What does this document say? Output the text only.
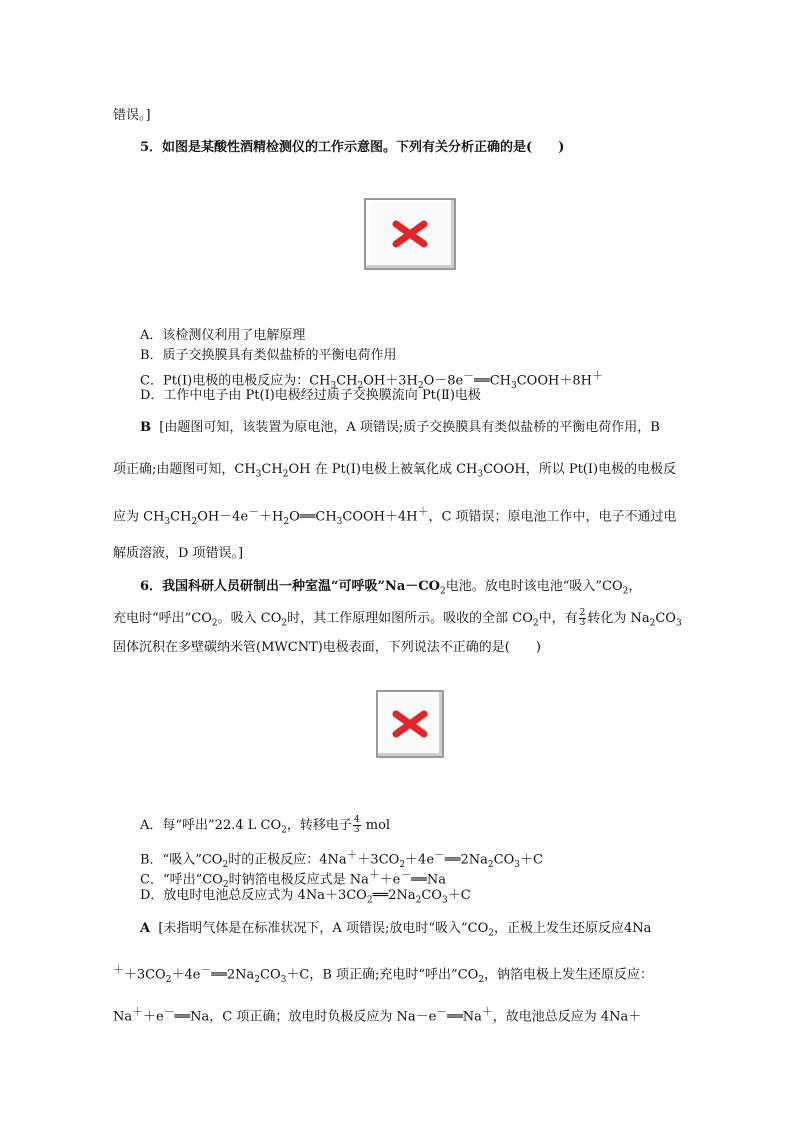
错误。]
5．如图是某酸性酒精检测仪的工作示意图。下列有关分析正确的是(　　)
A．该检测仪利用了电解原理
B．质子交换膜具有类似盐桥的平衡电荷作用
C．Pt(Ⅰ)电极的电极反应为：$CH_3CH_2OH+3H_2O-8e^-══CH_3COOH+8H^+$
D．工作中电子由 Pt(Ⅰ)电极经过质子交换膜流向 Pt(Ⅱ)电极
B [由题图可知，该装置为原电池，A 项错误;质子交换膜具有类似盐桥的平衡电荷作用，B
项正确;由题图可知，$CH_3CH_2OH$ 在 Pt(Ⅰ)电极上被氧化成 $CH_3COOH$，所以 Pt(Ⅰ)电极的电极反
应为 $CH_3CH_2OH-4e^-+H_2O══CH_3COOH+4H^+$，C 项错误；原电池工作中，电子不通过电
解质溶液，D 项错误。]
6．我国科研人员研制出一种室温“可呼吸$”Na-CO_2$电池。放电时该电池“吸入$”CO_2$，
充电时“呼出$”CO_2$。吸入 $CO_2$时，其工作原理如图所示。吸收的全部 $CO_2$中，有 $\frac{2}{3}$ 转化为 $Na_2CO_3$
固体沉积在多壁碳纳米管(MWCNT)电极表面，下列说法不正确的是(　　)
A．每“呼出”22.4 L $CO_2$，转移电子 $\frac{4}{3}$ mol
B．“吸入$”CO_2$时的正极反应：$4Na^++3CO_2+4e^-══2Na_2CO_3+C$
C．“呼出$”CO_2$时钠箔电极反应式是 Na＋＋e－══Na
D．放电时电池总反应式为 $4Na+3CO_2══2Na_2CO_3+C$
A [未指明气体是在标准状况下，A 项错误;放电时“吸入$”CO_2$，正极上发生还原反应4Na
$^++3CO_2+4e^-══2Na_2CO_3+C$，B 项正确;充电时“呼出$”CO_2$，钠箔电极上发生还原反应：
Na＋＋e－══Na，C 项正确；放电时负极反应为 Na－e－══Na＋，故电池总反应为 4Na＋
